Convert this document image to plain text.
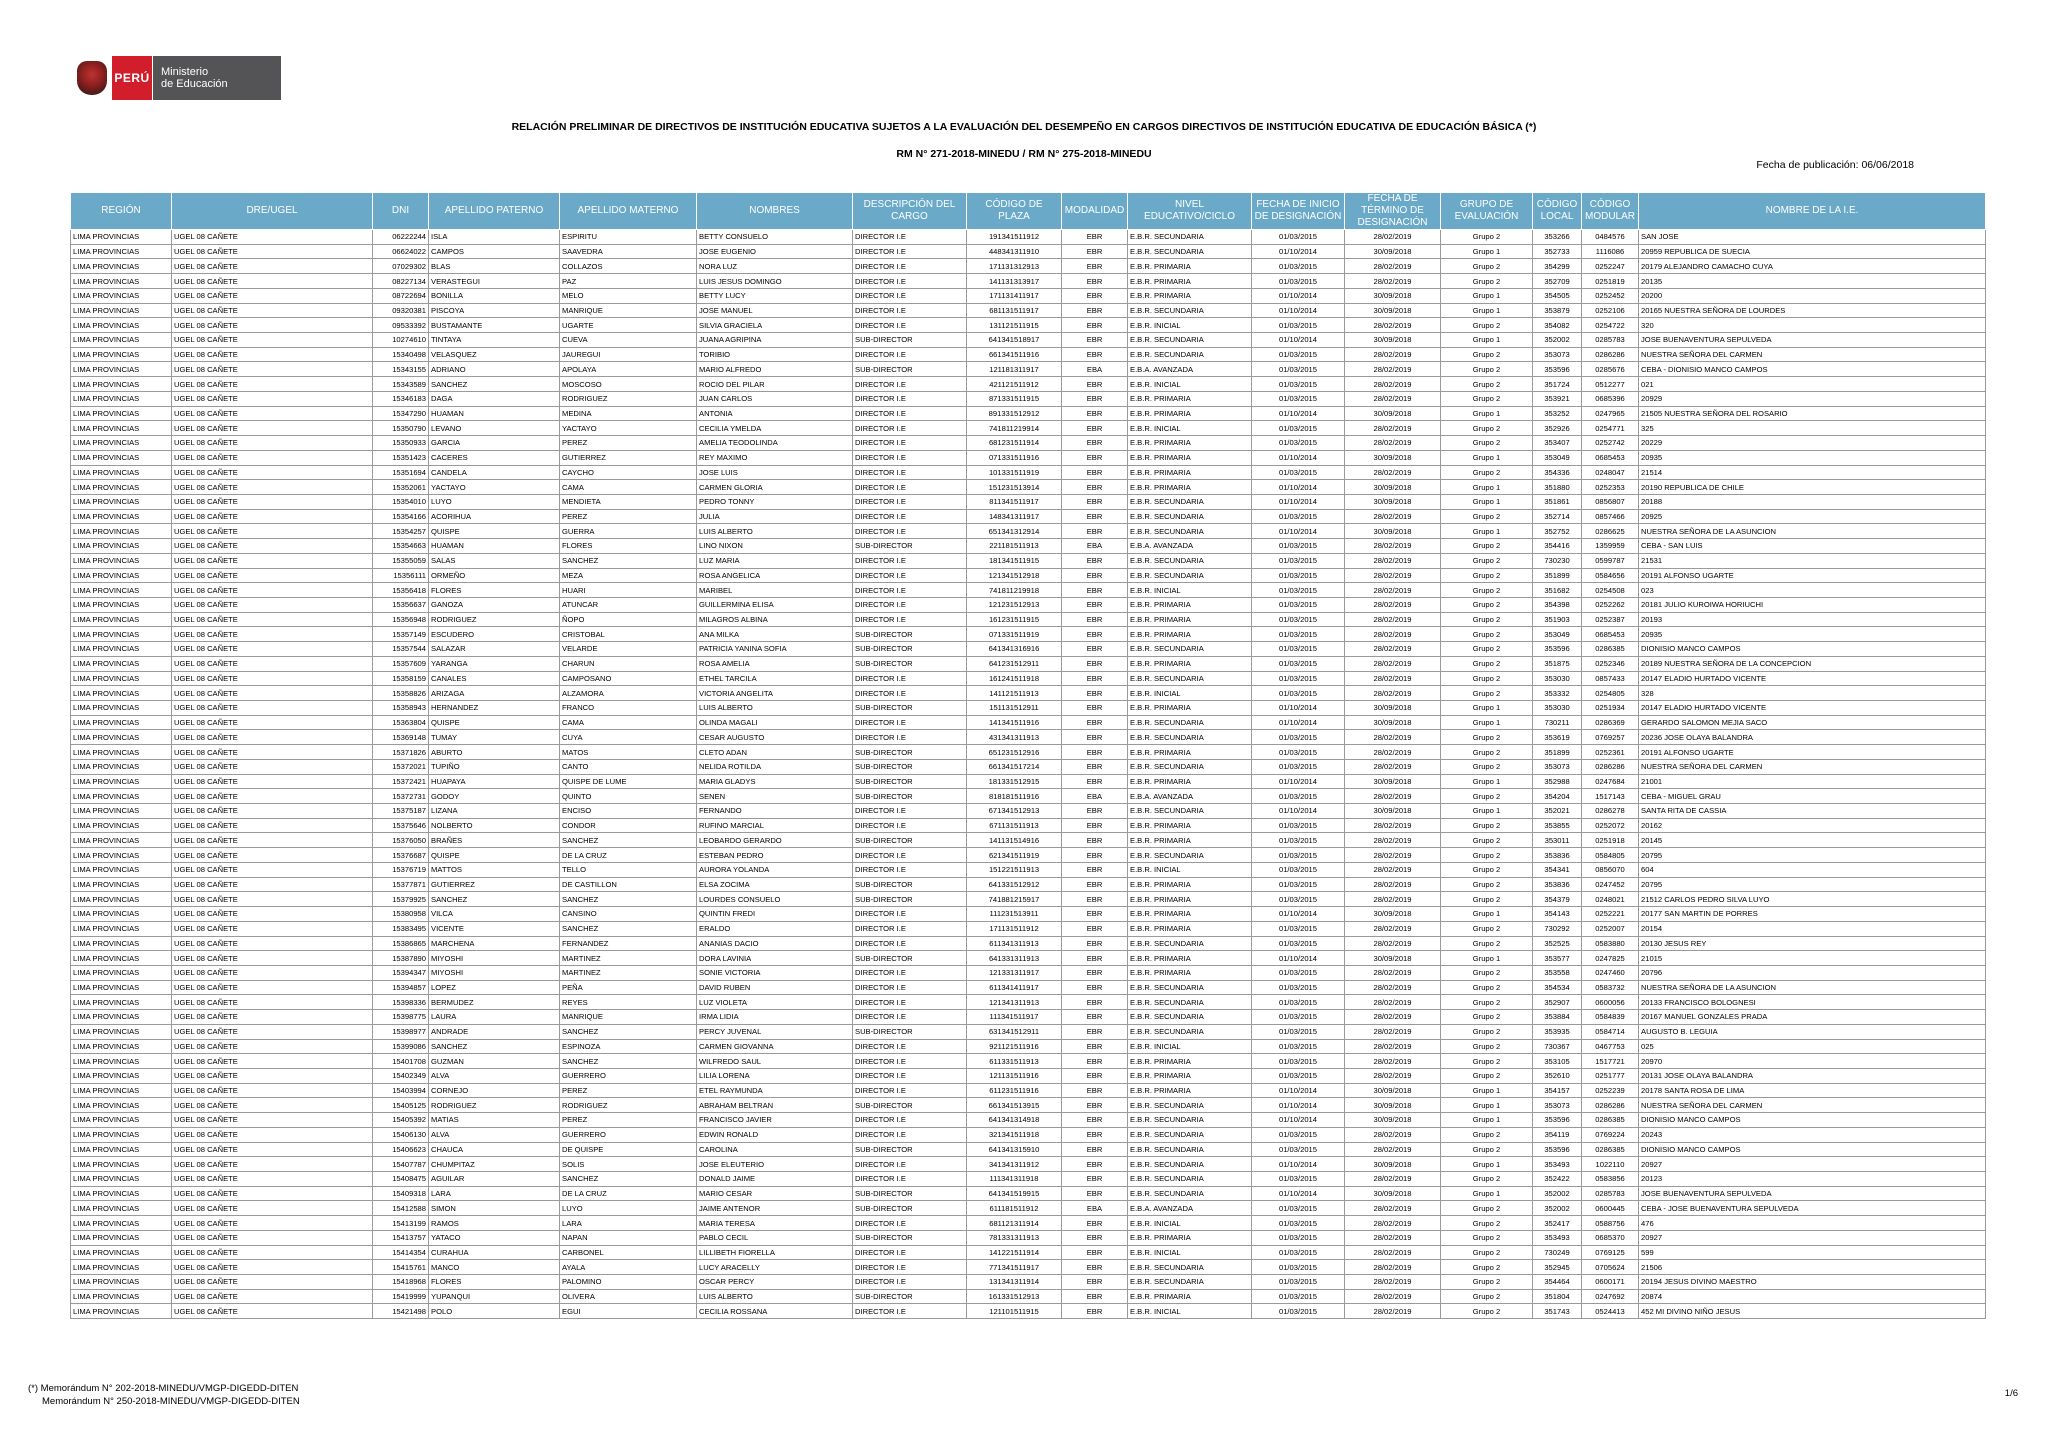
PERÚ Ministerio
de Educación
RELACIÓN PRELIMINAR DE DIRECTIVOS DE INSTITUCIÓN EDUCATIVA SUJETOS A LA EVALUACIÓN DEL DESEMPEÑO EN CARGOS DIRECTIVOS DE INSTITUCIÓN EDUCATIVA DE EDUCACIÓN BÁSICA (*)
RM N° 271-2018-MINEDU / RM N° 275-2018-MINEDU
Fecha de publicación: 06/06/2018
REGIÓN	DRE/UGEL	DNI	APELLIDO PATERNO	APELLIDO MATERNO	NOMBRES	DESCRIPCIÓN DEL CARGO	CÓDIGO DE PLAZA	MODALIDAD	NIVEL EDUCATIVO/CICLO	FECHA DE INICIO DE DESIGNACIÓN	FECHA DE TÉRMINO DE DESIGNACIÓN	GRUPO DE EVALUACIÓN	CÓDIGO LOCAL	CÓDIGO MODULAR	NOMBRE DE LA I.E.
LIMA PROVINCIAS	UGEL 08 CAÑETE	06222244	ISLA	ESPIRITU	BETTY CONSUELO	DIRECTOR I.E	191341511912	EBR	E.B.R. SECUNDARIA	01/03/2015	28/02/2019	Grupo 2	353266	0484576	SAN JOSE
LIMA PROVINCIAS	UGEL 08 CAÑETE	06624022	CAMPOS	SAAVEDRA	JOSE EUGENIO	DIRECTOR I.E	448341311910	EBR	E.B.R. SECUNDARIA	01/10/2014	30/09/2018	Grupo 1	352733	1116086	20959 REPUBLICA DE SUECIA
LIMA PROVINCIAS	UGEL 08 CAÑETE	07029302	BLAS	COLLAZOS	NORA LUZ	DIRECTOR I.E	171131312913	EBR	E.B.R. PRIMARIA	01/03/2015	28/02/2019	Grupo 2	354299	0252247	20179 ALEJANDRO CAMACHO CUYA
LIMA PROVINCIAS	UGEL 08 CAÑETE	08227134	VERASTEGUI	PAZ	LUIS JESUS DOMINGO	DIRECTOR I.E	141131313917	EBR	E.B.R. PRIMARIA	01/03/2015	28/02/2019	Grupo 2	352709	0251819	20135
LIMA PROVINCIAS	UGEL 08 CAÑETE	08722694	BONILLA	MELO	BETTY LUCY	DIRECTOR I.E	171131411917	EBR	E.B.R. PRIMARIA	01/10/2014	30/09/2018	Grupo 1	354505	0252452	20200
LIMA PROVINCIAS	UGEL 08 CAÑETE	09320381	PISCOYA	MANRIQUE	JOSE MANUEL	DIRECTOR I.E	681131511917	EBR	E.B.R. SECUNDARIA	01/10/2014	30/09/2018	Grupo 1	353879	0252106	20165 NUESTRA SEÑORA DE LOURDES
LIMA PROVINCIAS	UGEL 08 CAÑETE	09533392	BUSTAMANTE	UGARTE	SILVIA GRACIELA	DIRECTOR I.E	131121511915	EBR	E.B.R. INICIAL	01/03/2015	28/02/2019	Grupo 2	354082	0254722	320
LIMA PROVINCIAS	UGEL 08 CAÑETE	10274610	TINTAYA	CUEVA	JUANA AGRIPINA	SUB-DIRECTOR	641341518917	EBR	E.B.R. SECUNDARIA	01/10/2014	30/09/2018	Grupo 1	352002	0285783	JOSE BUENAVENTURA SEPULVEDA
LIMA PROVINCIAS	UGEL 08 CAÑETE	15340498	VELASQUEZ	JAUREGUI	TORIBIO	DIRECTOR I.E	661341511916	EBR	E.B.R. SECUNDARIA	01/03/2015	28/02/2019	Grupo 2	353073	0286286	NUESTRA SEÑORA DEL CARMEN
LIMA PROVINCIAS	UGEL 08 CAÑETE	15343155	ADRIANO	APOLAYA	MARIO ALFREDO	SUB-DIRECTOR	121181311917	EBA	E.B.A. AVANZADA	01/03/2015	28/02/2019	Grupo 2	353596	0285676	CEBA - DIONISIO MANCO CAMPOS
LIMA PROVINCIAS	UGEL 08 CAÑETE	15343589	SANCHEZ	MOSCOSO	ROCIO DEL PILAR	DIRECTOR I.E	421121511912	EBR	E.B.R. INICIAL	01/03/2015	28/02/2019	Grupo 2	351724	0512277	021
LIMA PROVINCIAS	UGEL 08 CAÑETE	15346183	DAGA	RODRIGUEZ	JUAN CARLOS	DIRECTOR I.E	871331511915	EBR	E.B.R. PRIMARIA	01/03/2015	28/02/2019	Grupo 2	353921	0685396	20929
LIMA PROVINCIAS	UGEL 08 CAÑETE	15347290	HUAMAN	MEDINA	ANTONIA	DIRECTOR I.E	891331512912	EBR	E.B.R. PRIMARIA	01/10/2014	30/09/2018	Grupo 1	353252	0247965	21505 NUESTRA SEÑORA DEL ROSARIO
LIMA PROVINCIAS	UGEL 08 CAÑETE	15350790	LEVANO	YACTAYO	CECILIA YMELDA	DIRECTOR I.E	741811219914	EBR	E.B.R. INICIAL	01/03/2015	28/02/2019	Grupo 2	352926	0254771	325
LIMA PROVINCIAS	UGEL 08 CAÑETE	15350933	GARCIA	PEREZ	AMELIA TEODOLINDA	DIRECTOR I.E	681231511914	EBR	E.B.R. PRIMARIA	01/03/2015	28/02/2019	Grupo 2	353407	0252742	20229
LIMA PROVINCIAS	UGEL 08 CAÑETE	15351423	CACERES	GUTIERREZ	REY MAXIMO	DIRECTOR I.E	071331511916	EBR	E.B.R. PRIMARIA	01/10/2014	30/09/2018	Grupo 1	353049	0685453	20935
LIMA PROVINCIAS	UGEL 08 CAÑETE	15351694	CANDELA	CAYCHO	JOSE LUIS	DIRECTOR I.E	101331511919	EBR	E.B.R. PRIMARIA	01/03/2015	28/02/2019	Grupo 2	354336	0248047	21514
LIMA PROVINCIAS	UGEL 08 CAÑETE	15352061	YACTAYO	CAMA	CARMEN GLORIA	DIRECTOR I.E	151231513914	EBR	E.B.R. PRIMARIA	01/10/2014	30/09/2018	Grupo 1	351880	0252353	20190 REPUBLICA DE CHILE
LIMA PROVINCIAS	UGEL 08 CAÑETE	15354010	LUYO	MENDIETA	PEDRO TONNY	DIRECTOR I.E	811341511917	EBR	E.B.R. SECUNDARIA	01/10/2014	30/09/2018	Grupo 1	351861	0856807	20188
LIMA PROVINCIAS	UGEL 08 CAÑETE	15354166	ACORIHUA	PEREZ	JULIA	DIRECTOR I.E	148341311917	EBR	E.B.R. SECUNDARIA	01/03/2015	28/02/2019	Grupo 2	352714	0857466	20925
LIMA PROVINCIAS	UGEL 08 CAÑETE	15354257	QUISPE	GUERRA	LUIS ALBERTO	DIRECTOR I.E	651341312914	EBR	E.B.R. SECUNDARIA	01/10/2014	30/09/2018	Grupo 1	352752	0286625	NUESTRA SEÑORA DE LA ASUNCION
LIMA PROVINCIAS	UGEL 08 CAÑETE	15354663	HUAMAN	FLORES	LINO NIXON	SUB-DIRECTOR	221181511913	EBA	E.B.A. AVANZADA	01/03/2015	28/02/2019	Grupo 2	354416	1359959	CEBA - SAN LUIS
LIMA PROVINCIAS	UGEL 08 CAÑETE	15355059	SALAS	SANCHEZ	LUZ MARIA	DIRECTOR I.E	181341511915	EBR	E.B.R. SECUNDARIA	01/03/2015	28/02/2019	Grupo 2	730230	0599787	21531
LIMA PROVINCIAS	UGEL 08 CAÑETE	15356111	ORMEÑO	MEZA	ROSA ANGELICA	DIRECTOR I.E	121341512918	EBR	E.B.R. SECUNDARIA	01/03/2015	28/02/2019	Grupo 2	351899	0584656	20191 ALFONSO UGARTE
LIMA PROVINCIAS	UGEL 08 CAÑETE	15356418	FLORES	HUARI	MARIBEL	DIRECTOR I.E	741811219918	EBR	E.B.R. INICIAL	01/03/2015	28/02/2019	Grupo 2	351682	0254508	023
LIMA PROVINCIAS	UGEL 08 CAÑETE	15356637	GANOZA	ATUNCAR	GUILLERMINA ELISA	DIRECTOR I.E	121231512913	EBR	E.B.R. PRIMARIA	01/03/2015	28/02/2019	Grupo 2	354398	0252262	20181 JULIO KUROIWA HORIUCHI
LIMA PROVINCIAS	UGEL 08 CAÑETE	15356948	RODRIGUEZ	ÑOPO	MILAGROS ALBINA	DIRECTOR I.E	161231511915	EBR	E.B.R. PRIMARIA	01/03/2015	28/02/2019	Grupo 2	351903	0252387	20193
LIMA PROVINCIAS	UGEL 08 CAÑETE	15357149	ESCUDERO	CRISTOBAL	ANA MILKA	SUB-DIRECTOR	071331511919	EBR	E.B.R. PRIMARIA	01/03/2015	28/02/2019	Grupo 2	353049	0685453	20935
LIMA PROVINCIAS	UGEL 08 CAÑETE	15357544	SALAZAR	VELARDE	PATRICIA YANINA SOFIA	SUB-DIRECTOR	641341316916	EBR	E.B.R. SECUNDARIA	01/03/2015	28/02/2019	Grupo 2	353596	0286385	DIONISIO MANCO CAMPOS
LIMA PROVINCIAS	UGEL 08 CAÑETE	15357609	YARANGA	CHARUN	ROSA AMELIA	SUB-DIRECTOR	641231512911	EBR	E.B.R. PRIMARIA	01/03/2015	28/02/2019	Grupo 2	351875	0252346	20189 NUESTRA SEÑORA DE LA CONCEPCION
LIMA PROVINCIAS	UGEL 08 CAÑETE	15358159	CANALES	CAMPOSANO	ETHEL TARCILA	DIRECTOR I.E	161241511918	EBR	E.B.R. SECUNDARIA	01/03/2015	28/02/2019	Grupo 2	353030	0857433	20147 ELADIO HURTADO VICENTE
LIMA PROVINCIAS	UGEL 08 CAÑETE	15358826	ARIZAGA	ALZAMORA	VICTORIA ANGELITA	DIRECTOR I.E	141121511913	EBR	E.B.R. INICIAL	01/03/2015	28/02/2019	Grupo 2	353332	0254805	328
LIMA PROVINCIAS	UGEL 08 CAÑETE	15358943	HERNANDEZ	FRANCO	LUIS ALBERTO	SUB-DIRECTOR	151131512911	EBR	E.B.R. PRIMARIA	01/10/2014	30/09/2018	Grupo 1	353030	0251934	20147 ELADIO HURTADO VICENTE
LIMA PROVINCIAS	UGEL 08 CAÑETE	15363804	QUISPE	CAMA	OLINDA MAGALI	DIRECTOR I.E	141341511916	EBR	E.B.R. SECUNDARIA	01/10/2014	30/09/2018	Grupo 1	730211	0286369	GERARDO SALOMON MEJIA SACO
LIMA PROVINCIAS	UGEL 08 CAÑETE	15369148	TUMAY	CUYA	CESAR AUGUSTO	DIRECTOR I.E	431341311913	EBR	E.B.R. SECUNDARIA	01/03/2015	28/02/2019	Grupo 2	353619	0769257	20236 JOSE OLAYA BALANDRA
LIMA PROVINCIAS	UGEL 08 CAÑETE	15371826	ABURTO	MATOS	CLETO ADAN	SUB-DIRECTOR	651231512916	EBR	E.B.R. PRIMARIA	01/03/2015	28/02/2019	Grupo 2	351899	0252361	20191 ALFONSO UGARTE
LIMA PROVINCIAS	UGEL 08 CAÑETE	15372021	TUPIÑO	CANTO	NELIDA ROTILDA	SUB-DIRECTOR	661341517214	EBR	E.B.R. SECUNDARIA	01/03/2015	28/02/2019	Grupo 2	353073	0286286	NUESTRA SEÑORA DEL CARMEN
LIMA PROVINCIAS	UGEL 08 CAÑETE	15372421	HUAPAYA	QUISPE DE LUME	MARIA GLADYS	SUB-DIRECTOR	181331512915	EBR	E.B.R. PRIMARIA	01/10/2014	30/09/2018	Grupo 1	352988	0247684	21001
LIMA PROVINCIAS	UGEL 08 CAÑETE	15372731	GODOY	QUINTO	SENEN	SUB-DIRECTOR	818181511916	EBA	E.B.A. AVANZADA	01/03/2015	28/02/2019	Grupo 2	354204	1517143	CEBA - MIGUEL GRAU
LIMA PROVINCIAS	UGEL 08 CAÑETE	15375187	LIZANA	ENCISO	FERNANDO	DIRECTOR I.E	671341512913	EBR	E.B.R. SECUNDARIA	01/10/2014	30/09/2018	Grupo 1	352021	0286278	SANTA RITA DE CASSIA
LIMA PROVINCIAS	UGEL 08 CAÑETE	15375646	NOLBERTO	CONDOR	RUFINO MARCIAL	DIRECTOR I.E	671131511913	EBR	E.B.R. PRIMARIA	01/03/2015	28/02/2019	Grupo 2	353855	0252072	20162
LIMA PROVINCIAS	UGEL 08 CAÑETE	15376050	BRAÑES	SANCHEZ	LEOBARDO GERARDO	SUB-DIRECTOR	141131514916	EBR	E.B.R. PRIMARIA	01/03/2015	28/02/2019	Grupo 2	353011	0251918	20145
LIMA PROVINCIAS	UGEL 08 CAÑETE	15376687	QUISPE	DE LA CRUZ	ESTEBAN PEDRO	DIRECTOR I.E	621341511919	EBR	E.B.R. SECUNDARIA	01/03/2015	28/02/2019	Grupo 2	353836	0584805	20795
LIMA PROVINCIAS	UGEL 08 CAÑETE	15376719	MATTOS	TELLO	AURORA YOLANDA	DIRECTOR I.E	151221511913	EBR	E.B.R. INICIAL	01/03/2015	28/02/2019	Grupo 2	354341	0856070	604
LIMA PROVINCIAS	UGEL 08 CAÑETE	15377871	GUTIERREZ	DE CASTILLON	ELSA ZOCIMA	SUB-DIRECTOR	641331512912	EBR	E.B.R. PRIMARIA	01/03/2015	28/02/2019	Grupo 2	353836	0247452	20795
LIMA PROVINCIAS	UGEL 08 CAÑETE	15379925	SANCHEZ	SANCHEZ	LOURDES CONSUELO	SUB-DIRECTOR	741881215917	EBR	E.B.R. PRIMARIA	01/03/2015	28/02/2019	Grupo 2	354379	0248021	21512 CARLOS PEDRO SILVA LUYO
LIMA PROVINCIAS	UGEL 08 CAÑETE	15380958	VILCA	CANSINO	QUINTIN FREDI	DIRECTOR I.E	111231513911	EBR	E.B.R. PRIMARIA	01/10/2014	30/09/2018	Grupo 1	354143	0252221	20177 SAN MARTIN DE PORRES
LIMA PROVINCIAS	UGEL 08 CAÑETE	15383495	VICENTE	SANCHEZ	ERALDO	DIRECTOR I.E	171131511912	EBR	E.B.R. PRIMARIA	01/03/2015	28/02/2019	Grupo 2	730292	0252007	20154
LIMA PROVINCIAS	UGEL 08 CAÑETE	15386865	MARCHENA	FERNANDEZ	ANANIAS DACIO	DIRECTOR I.E	611341311913	EBR	E.B.R. SECUNDARIA	01/03/2015	28/02/2019	Grupo 2	352525	0583880	20130 JESUS REY
LIMA PROVINCIAS	UGEL 08 CAÑETE	15387890	MIYOSHI	MARTINEZ	DORA LAVINIA	SUB-DIRECTOR	641331311913	EBR	E.B.R. PRIMARIA	01/10/2014	30/09/2018	Grupo 1	353577	0247825	21015
LIMA PROVINCIAS	UGEL 08 CAÑETE	15394347	MIYOSHI	MARTINEZ	SONIE VICTORIA	DIRECTOR I.E	121331311917	EBR	E.B.R. PRIMARIA	01/03/2015	28/02/2019	Grupo 2	353558	0247460	20796
LIMA PROVINCIAS	UGEL 08 CAÑETE	15394857	LOPEZ	PEÑA	DAVID RUBEN	DIRECTOR I.E	611341411917	EBR	E.B.R. SECUNDARIA	01/03/2015	28/02/2019	Grupo 2	354534	0583732	NUESTRA SEÑORA DE LA ASUNCION
LIMA PROVINCIAS	UGEL 08 CAÑETE	15398336	BERMUDEZ	REYES	LUZ VIOLETA	DIRECTOR I.E	121341311913	EBR	E.B.R. SECUNDARIA	01/03/2015	28/02/2019	Grupo 2	352907	0600056	20133 FRANCISCO BOLOGNESI
LIMA PROVINCIAS	UGEL 08 CAÑETE	15398775	LAURA	MANRIQUE	IRMA LIDIA	DIRECTOR I.E	111341511917	EBR	E.B.R. SECUNDARIA	01/03/2015	28/02/2019	Grupo 2	353884	0584839	20167 MANUEL GONZALES PRADA
LIMA PROVINCIAS	UGEL 08 CAÑETE	15398977	ANDRADE	SANCHEZ	PERCY JUVENAL	SUB-DIRECTOR	631341512911	EBR	E.B.R. SECUNDARIA	01/03/2015	28/02/2019	Grupo 2	353935	0584714	AUGUSTO B. LEGUIA
LIMA PROVINCIAS	UGEL 08 CAÑETE	15399086	SANCHEZ	ESPINOZA	CARMEN GIOVANNA	DIRECTOR I.E	921121511916	EBR	E.B.R. INICIAL	01/03/2015	28/02/2019	Grupo 2	730367	0467753	025
LIMA PROVINCIAS	UGEL 08 CAÑETE	15401708	GUZMAN	SANCHEZ	WILFREDO SAUL	DIRECTOR I.E	611331511913	EBR	E.B.R. PRIMARIA	01/03/2015	28/02/2019	Grupo 2	353105	1517721	20970
LIMA PROVINCIAS	UGEL 08 CAÑETE	15402349	ALVA	GUERRERO	LILIA LORENA	DIRECTOR I.E	121131511916	EBR	E.B.R. PRIMARIA	01/03/2015	28/02/2019	Grupo 2	352610	0251777	20131 JOSE OLAYA BALANDRA
LIMA PROVINCIAS	UGEL 08 CAÑETE	15403994	CORNEJO	PEREZ	ETEL RAYMUNDA	DIRECTOR I.E	611231511916	EBR	E.B.R. PRIMARIA	01/10/2014	30/09/2018	Grupo 1	354157	0252239	20178 SANTA ROSA DE LIMA
LIMA PROVINCIAS	UGEL 08 CAÑETE	15405125	RODRIGUEZ	RODRIGUEZ	ABRAHAM BELTRAN	SUB-DIRECTOR	661341513915	EBR	E.B.R. SECUNDARIA	01/10/2014	30/09/2018	Grupo 1	353073	0286286	NUESTRA SEÑORA DEL CARMEN
LIMA PROVINCIAS	UGEL 08 CAÑETE	15405392	MATIAS	PEREZ	FRANCISCO JAVIER	DIRECTOR I.E	641341314918	EBR	E.B.R. SECUNDARIA	01/10/2014	30/09/2018	Grupo 1	353596	0286385	DIONISIO MANCO CAMPOS
LIMA PROVINCIAS	UGEL 08 CAÑETE	15406130	ALVA	GUERRERO	EDWIN RONALD	DIRECTOR I.E	321341511918	EBR	E.B.R. SECUNDARIA	01/03/2015	28/02/2019	Grupo 2	354119	0769224	20243
LIMA PROVINCIAS	UGEL 08 CAÑETE	15406623	CHAUCA	DE QUISPE	CAROLINA	SUB-DIRECTOR	641341315910	EBR	E.B.R. SECUNDARIA	01/03/2015	28/02/2019	Grupo 2	353596	0286385	DIONISIO MANCO CAMPOS
LIMA PROVINCIAS	UGEL 08 CAÑETE	15407787	CHUMPITAZ	SOLIS	JOSE ELEUTERIO	DIRECTOR I.E	341341311912	EBR	E.B.R. SECUNDARIA	01/10/2014	30/09/2018	Grupo 1	353493	1022110	20927
LIMA PROVINCIAS	UGEL 08 CAÑETE	15408475	AGUILAR	SANCHEZ	DONALD JAIME	DIRECTOR I.E	111341311918	EBR	E.B.R. SECUNDARIA	01/03/2015	28/02/2019	Grupo 2	352422	0583856	20123
LIMA PROVINCIAS	UGEL 08 CAÑETE	15409318	LARA	DE LA CRUZ	MARIO CESAR	SUB-DIRECTOR	641341519915	EBR	E.B.R. SECUNDARIA	01/10/2014	30/09/2018	Grupo 1	352002	0285783	JOSE BUENAVENTURA SEPULVEDA
LIMA PROVINCIAS	UGEL 08 CAÑETE	15412588	SIMON	LUYO	JAIME ANTENOR	SUB-DIRECTOR	611181511912	EBA	E.B.A. AVANZADA	01/03/2015	28/02/2019	Grupo 2	352002	0600445	CEBA - JOSE BUENAVENTURA SEPULVEDA
LIMA PROVINCIAS	UGEL 08 CAÑETE	15413199	RAMOS	LARA	MARIA TERESA	DIRECTOR I.E	681121311914	EBR	E.B.R. INICIAL	01/03/2015	28/02/2019	Grupo 2	352417	0588756	476
LIMA PROVINCIAS	UGEL 08 CAÑETE	15413757	YATACO	NAPAN	PABLO CECIL	SUB-DIRECTOR	781331311913	EBR	E.B.R. PRIMARIA	01/03/2015	28/02/2019	Grupo 2	353493	0685370	20927
LIMA PROVINCIAS	UGEL 08 CAÑETE	15414354	CURAHUA	CARBONEL	LILLIBETH FIORELLA	DIRECTOR I.E	141221511914	EBR	E.B.R. INICIAL	01/03/2015	28/02/2019	Grupo 2	730249	0769125	599
LIMA PROVINCIAS	UGEL 08 CAÑETE	15415761	MANCO	AYALA	LUCY ARACELLY	DIRECTOR I.E	771341511917	EBR	E.B.R. SECUNDARIA	01/03/2015	28/02/2019	Grupo 2	352945	0705624	21506
LIMA PROVINCIAS	UGEL 08 CAÑETE	15418968	FLORES	PALOMINO	OSCAR PERCY	DIRECTOR I.E	131341311914	EBR	E.B.R. SECUNDARIA	01/03/2015	28/02/2019	Grupo 2	354464	0600171	20194 JESUS DIVINO MAESTRO
LIMA PROVINCIAS	UGEL 08 CAÑETE	15419999	YUPANQUI	OLIVERA	LUIS ALBERTO	SUB-DIRECTOR	161331512913	EBR	E.B.R. PRIMARIA	01/03/2015	28/02/2019	Grupo 2	351804	0247692	20874
LIMA PROVINCIAS	UGEL 08 CAÑETE	15421498	POLO	EGUI	CECILIA ROSSANA	DIRECTOR I.E	121101511915	EBR	E.B.R. INICIAL	01/03/2015	28/02/2019	Grupo 2	351743	0524413	452 MI DIVINO NIÑO JESUS
(*) Memorándum N° 202-2018-MINEDU/VMGP-DIGEDD-DITEN
Memorándum N° 250-2018-MINEDU/VMGP-DIGEDD-DITEN
1/6
